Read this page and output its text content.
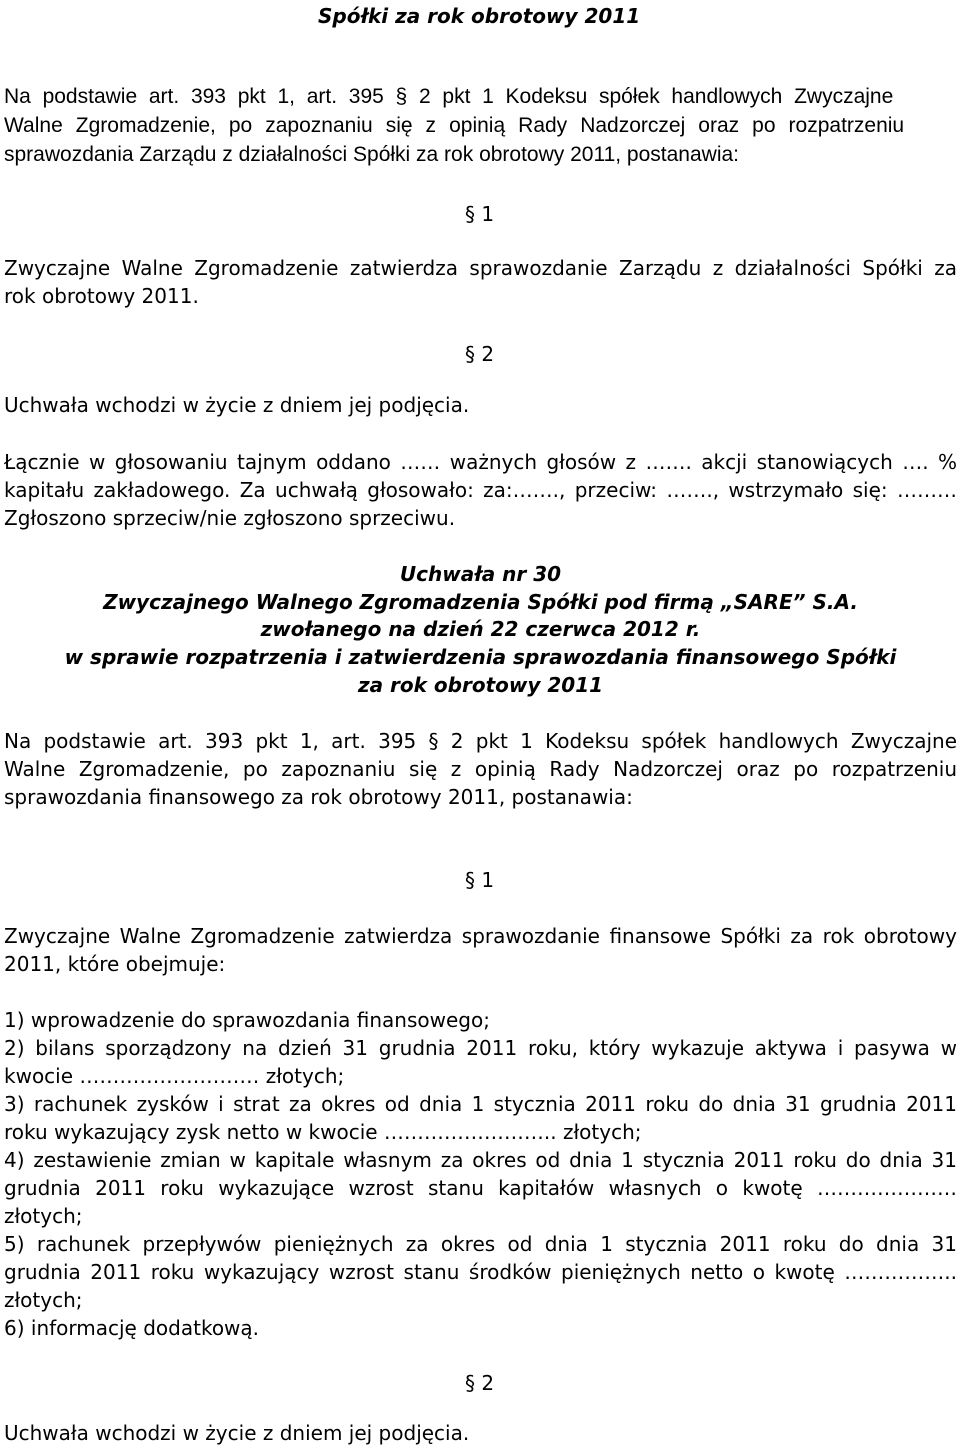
Spółki za rok obrotowy 2011
Na podstawie art. 393 pkt 1, art. 395 § 2 pkt 1 Kodeksu spółek handlowych Zwyczajne
Walne Zgromadzenie, po zapoznaniu się z opinią Rady Nadzorczej oraz po rozpatrzeniu
sprawozdania Zarządu z działalności Spółki za rok obrotowy 2011, postanawia:
§ 1
Zwyczajne Walne Zgromadzenie zatwierdza sprawozdanie Zarządu z działalności Spółki za
rok obrotowy 2011.
§ 2
Uchwała wchodzi w życie z dniem jej podjęcia.
Łącznie w głosowaniu tajnym oddano …… ważnych głosów z ……. akcji stanowiących …. %
kapitału zakładowego. Za uchwałą głosowało: za:……., przeciw: ……., wstrzymało się: ………
Zgłoszono sprzeciw/nie zgłoszono sprzeciwu.
Uchwała nr 30
Zwyczajnego Walnego Zgromadzenia Spółki pod firmą „SARE” S.A.
zwołanego na dzień 22 czerwca 2012 r.
w sprawie rozpatrzenia i zatwierdzenia sprawozdania finansowego Spółki
za rok obrotowy 2011
Na podstawie art. 393 pkt 1, art. 395 § 2 pkt 1 Kodeksu spółek handlowych Zwyczajne
Walne Zgromadzenie, po zapoznaniu się z opinią Rady Nadzorczej oraz po rozpatrzeniu
sprawozdania finansowego za rok obrotowy 2011, postanawia:
§ 1
Zwyczajne Walne Zgromadzenie zatwierdza sprawozdanie finansowe Spółki za rok obrotowy
2011, które obejmuje:
1) wprowadzenie do sprawozdania finansowego;
2) bilans sporządzony na dzień 31 grudnia 2011 roku, który wykazuje aktywa i pasywa w
kwocie ……………………… złotych;
3) rachunek zysków i strat za okres od dnia 1 stycznia 2011 roku do dnia 31 grudnia 2011
roku wykazujący zysk netto w kwocie …………………….. złotych;
4) zestawienie zmian w kapitale własnym za okres od dnia 1 stycznia 2011 roku do dnia 31
grudnia 2011 roku wykazujące wzrost stanu kapitałów własnych o kwotę …………………
złotych;
5) rachunek przepływów pieniężnych za okres od dnia 1 stycznia 2011 roku do dnia 31
grudnia 2011 roku wykazujący wzrost stanu środków pieniężnych netto o kwotę ……………..
złotych;
6) informację dodatkową.
§ 2
Uchwała wchodzi w życie z dniem jej podjęcia.
